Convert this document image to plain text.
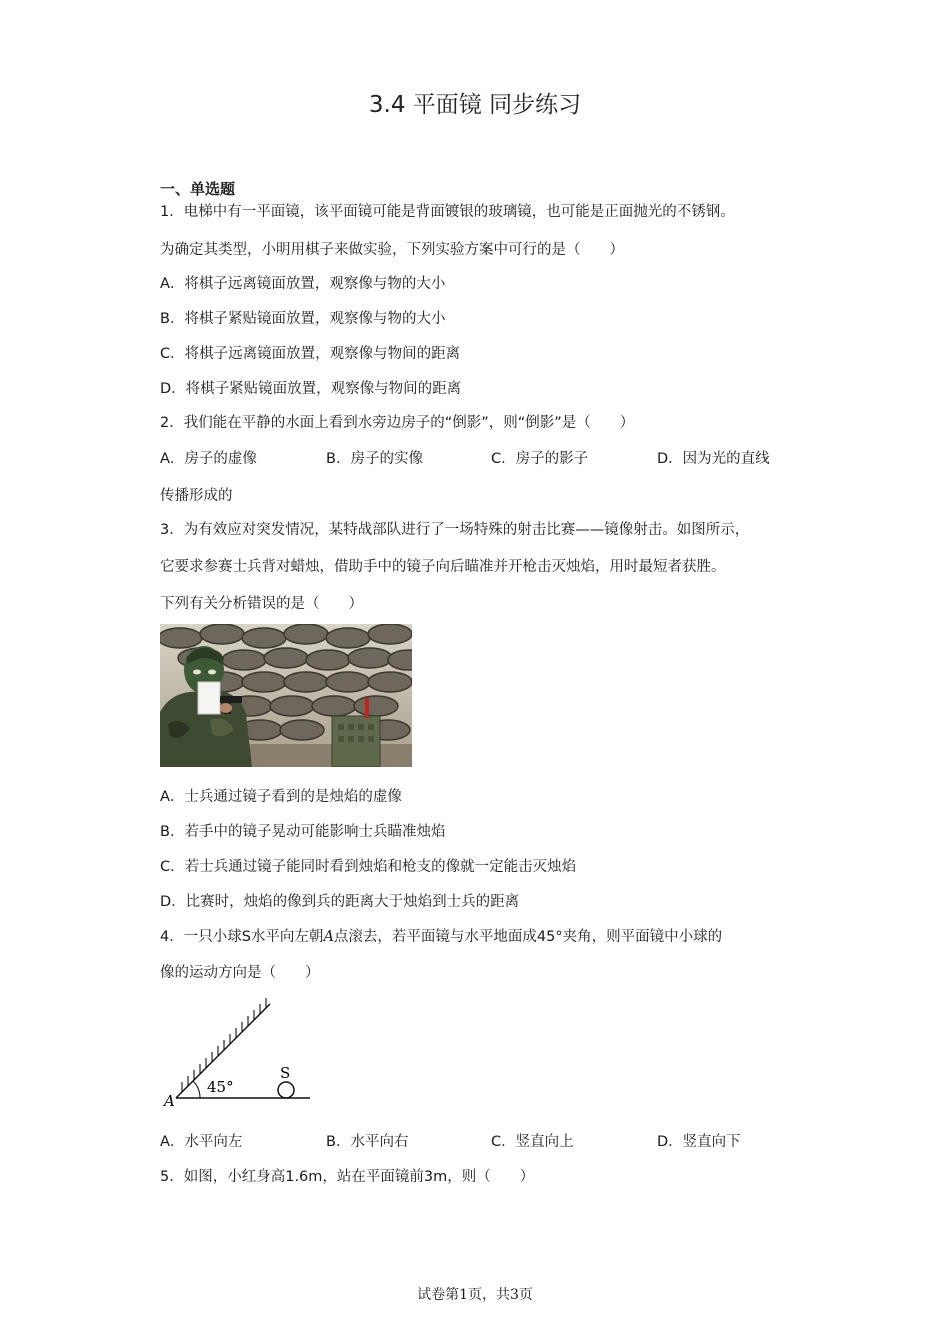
3.4 平面镜 同步练习
一、单选题
1．电梯中有一平面镜，该平面镜可能是背面镀银的玻璃镜，也可能是正面抛光的不锈钢。
为确定其类型，小明用棋子来做实验，下列实验方案中可行的是（　　）
A．将棋子远离镜面放置，观察像与物的大小
B．将棋子紧贴镜面放置，观察像与物的大小
C．将棋子远离镜面放置，观察像与物间的距离
D．将棋子紧贴镜面放置，观察像与物间的距离
2．我们能在平静的水面上看到水旁边房子的“倒影”，则“倒影”是（　　）
A．房子的虚像	B．房子的实像	C．房子的影子	D．因为光的直线
传播形成的
3．为有效应对突发情况，某特战部队进行了一场特殊的射击比赛——镜像射击。如图所示，
它要求参赛士兵背对蜡烛，借助手中的镜子向后瞄准并开枪击灭烛焰，用时最短者获胜。
下列有关分析错误的是（　　）
A．士兵通过镜子看到的是烛焰的虚像
B．若手中的镜子晃动可能影响士兵瞄准烛焰
C．若士兵通过镜子能同时看到烛焰和枪支的像就一定能击灭烛焰
D．比赛时，烛焰的像到兵的距离大于烛焰到士兵的距离
4．一只小球S水平向左朝A点滚去，若平面镜与水平地面成45°夹角，则平面镜中小球的
像的运动方向是（　　）
45°
A
S
A．水平向左	B．水平向右	C．竖直向上	D．竖直向下
5．如图，小红身高1.6m，站在平面镜前3m，则（　　）
试卷第1页，共3页
